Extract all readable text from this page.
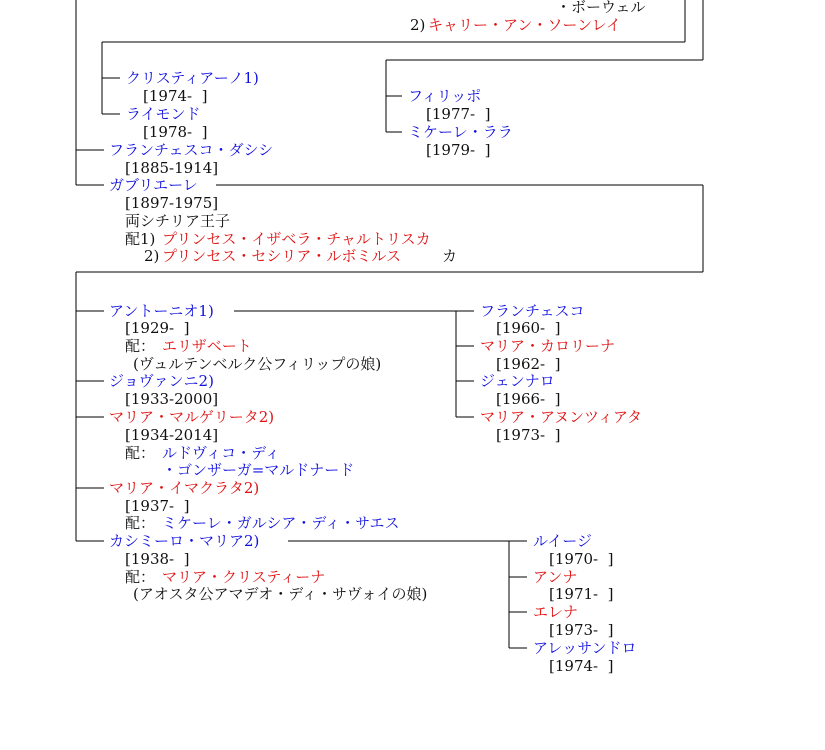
・ボーウェル
2) キャリー・アン・ソーンレイ
クリスティアーノ1)
[1974-  ]
ライモンド
[1978-  ]
フィリッポ
[1977-  ]
ミケーレ・ララ
[1979-  ]
フランチェスコ・ダシシ
[1885-1914]
ガブリエーレ
[1897-1975]
両シチリア王子
配1) プリンセス・イザベラ・チャルトリスカ
2) プリンセス・セシリア・ルボミルス	カ
アントーニオ1)
[1929-  ]
配： エリザベート
(ヴュルテンベルク公フィリップの娘)
フランチェスコ
[1960-  ]
マリア・カロリーナ
[1962-  ]
ジェンナロ
[1966-  ]
マリア・アヌンツィアタ
[1973-  ]
ジョヴァンニ2)
[1933-2000]
マリア・マルゲリータ2)
[1934-2014]
配： ルドヴィコ・ディ
・ゴンザーガ=マルドナード
マリア・イマクラタ2)
[1937-  ]
配： ミケーレ・ガルシア・ディ・サエス
カシミーロ・マリア2)
[1938-  ]
配： マリア・クリスティーナ
(アオスタ公アマデオ・ディ・サヴォイの娘)
ルイージ
[1970-  ]
アンナ
[1971-  ]
エレナ
[1973-  ]
アレッサンドロ
[1974-  ]
